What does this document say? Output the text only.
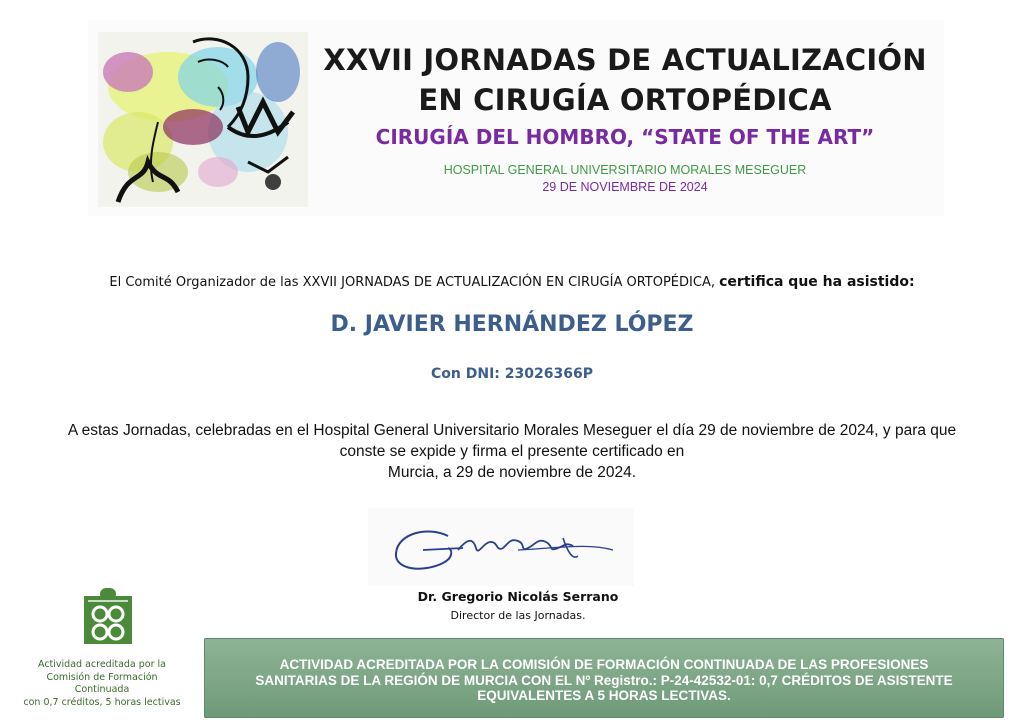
XXVII JORNADAS DE ACTUALIZACIÓN
EN CIRUGÍA ORTOPÉDICA
CIRUGÍA DEL HOMBRO, “STATE OF THE ART”
HOSPITAL GENERAL UNIVERSITARIO MORALES MESEGUER
29 DE NOVIEMBRE DE 2024
El Comité Organizador de las XXVII JORNADAS DE ACTUALIZACIÓN EN CIRUGÍA ORTOPÉDICA, certifica que ha asistido:
D. JAVIER HERNÁNDEZ LÓPEZ
Con DNI: 23026366P
A estas Jornadas, celebradas en el Hospital General Universitario Morales Meseguer el día 29 de noviembre de 2024, y para que
conste se expide y firma el presente certificado en
Murcia, a 29 de noviembre de 2024.
Dr. Gregorio Nicolás Serrano
Director de las Jornadas.
Actividad acreditada por la
Comisión de Formación
Continuada
con 0,7 créditos, 5 horas lectivas
ACTIVIDAD ACREDITADA POR LA COMISIÓN DE FORMACIÓN CONTINUADA DE LAS PROFESIONES
SANITARIAS DE LA REGIÓN DE MURCIA CON EL Nº Registro.: P-24-42532-01: 0,7 CRÉDITOS DE ASISTENTE
EQUIVALENTES A 5 HORAS LECTIVAS.
